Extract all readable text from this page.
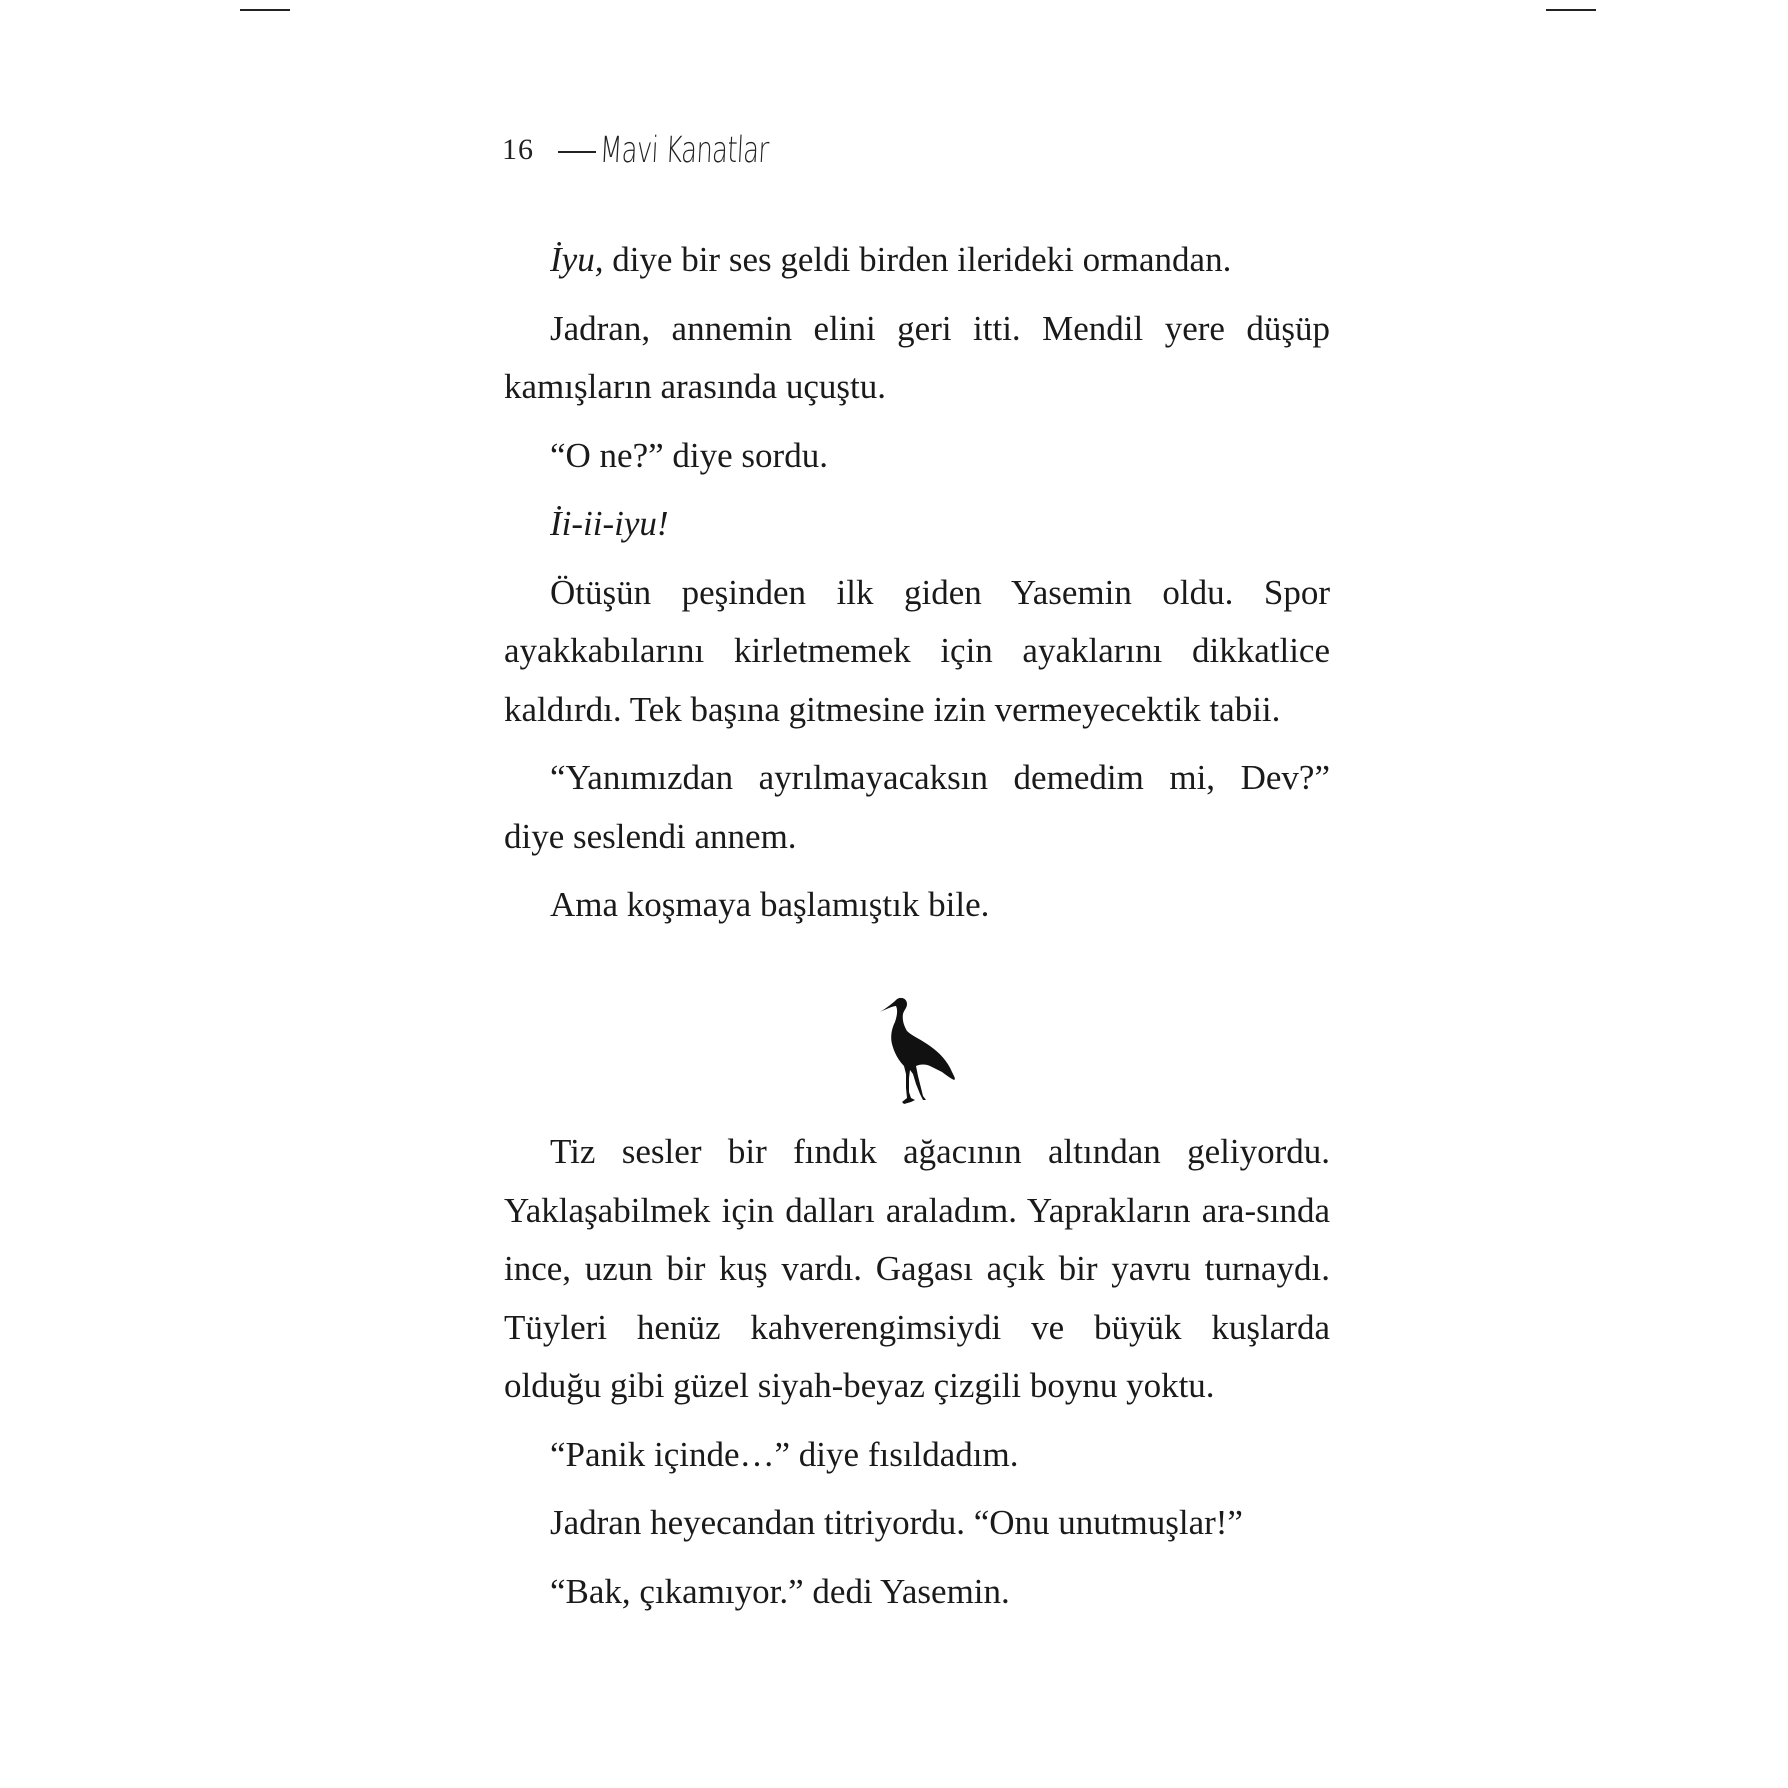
16 Mavi Kanatlar

İyu, diye bir ses geldi birden ilerideki ormandan.

Jadran, annemin elini geri itti. Mendil yere düşüp kamışların arasında uçuştu.

“O ne?” diye sordu.

İi-ii-iyu!

Ötüşün peşinden ilk giden Yasemin oldu. Spor ayakkabılarını kirletmemek için ayaklarını dikkatlice kaldırdı. Tek başına gitmesine izin vermeyecektik tabii.

“Yanımızdan ayrılmayacaksın demedim mi, Dev?” diye seslendi annem.

Ama koşmaya başlamıştık bile.

Tiz sesler bir fındık ağacının altından geliyordu. Yaklaşabilmek için dalları araladım. Yaprakların ara-sında ince, uzun bir kuş vardı. Gagası açık bir yavru turnaydı. Tüyleri henüz kahverengimsiydi ve büyük kuşlarda olduğu gibi güzel siyah-beyaz çizgili boynu yoktu.

“Panik içinde…” diye fısıldadım.

Jadran heyecandan titriyordu. “Onu unutmuşlar!”

“Bak, çıkamıyor.” dedi Yasemin.
